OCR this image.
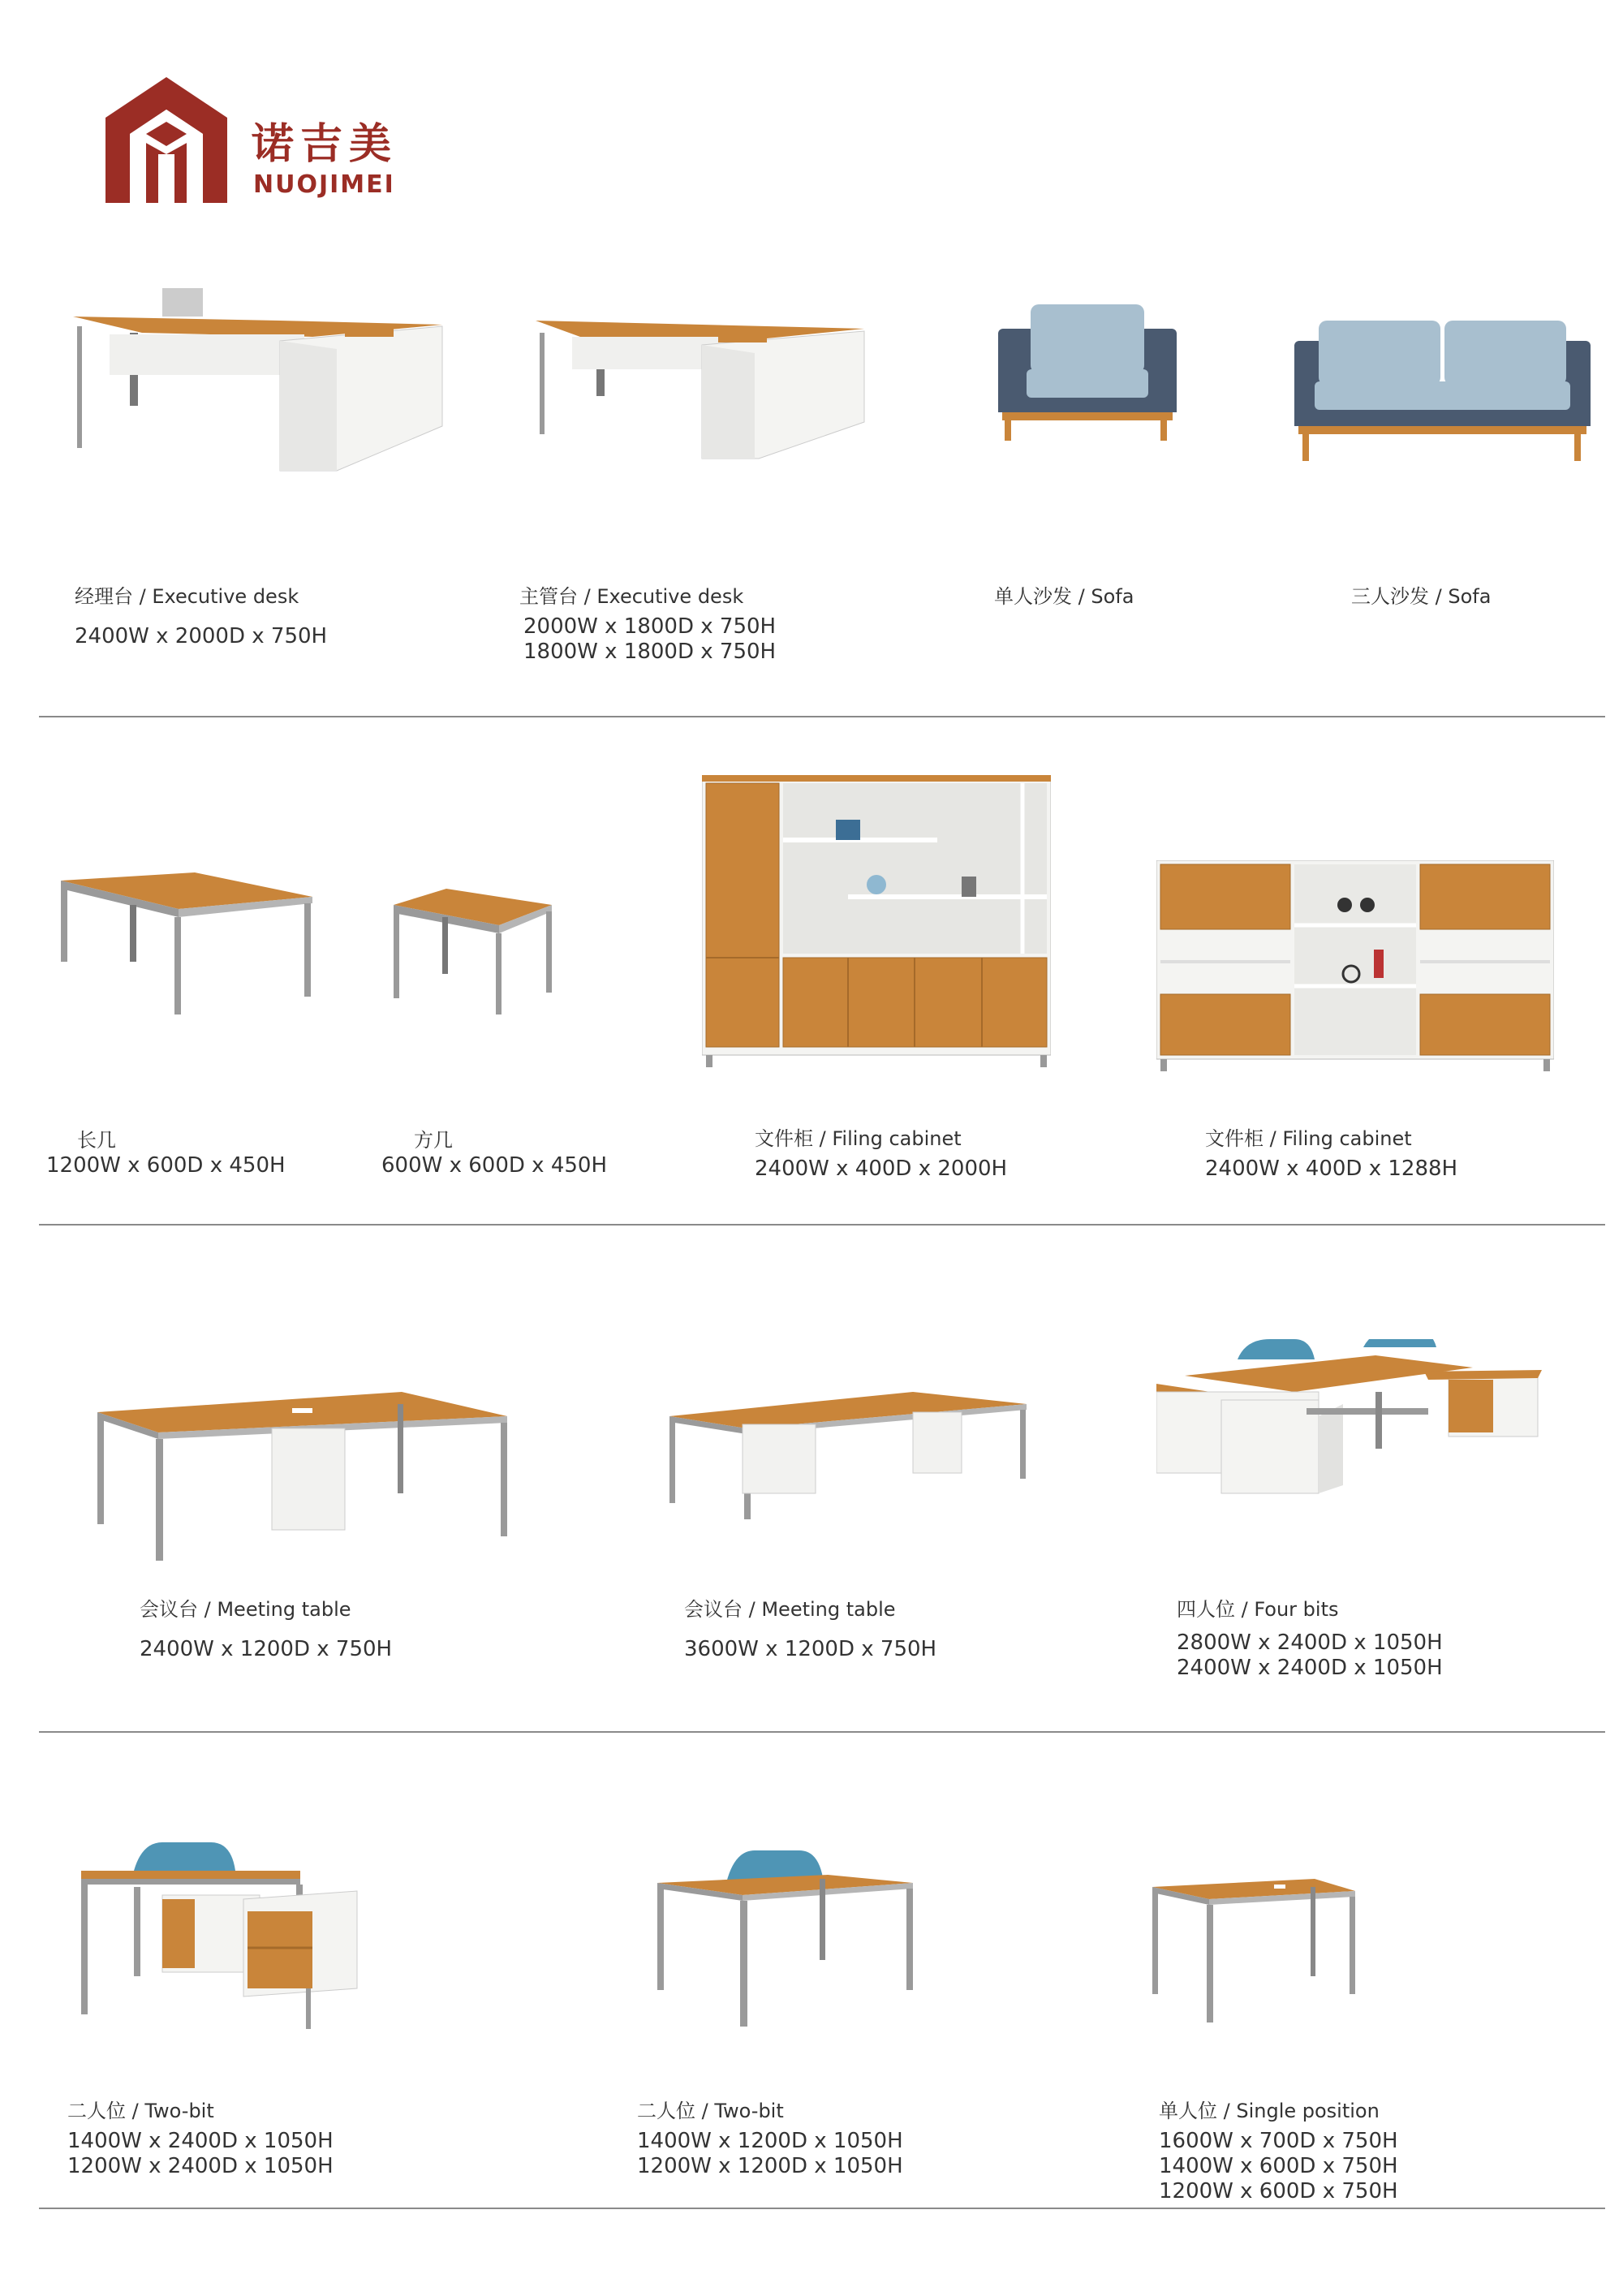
诺吉美
NUOJIMEI
经理台 / Executive desk
2400W x 2000D x 750H
主管台 / Executive desk
2000W x 1800D x 750H
1800W x 1800D x 750H
单人沙发 / Sofa	三人沙发 / Sofa
长几
1200W x 600D x 450H
方几
600W x 600D x 450H
文件柜 / Filing cabinet
2400W x 400D x 2000H
文件柜 / Filing cabinet
2400W x 400D x 1288H
会议台 / Meeting table
2400W x 1200D x 750H
会议台 / Meeting table
3600W x 1200D x 750H
四人位 / Four bits
2800W x 2400D x 1050H
2400W x 2400D x 1050H
二人位 / Two-bit
1400W x 2400D x 1050H
1200W x 2400D x 1050H
二人位 / Two-bit
1400W x 1200D x 1050H
1200W x 1200D x 1050H
单人位 / Single position
1600W x 700D x 750H
1400W x 600D x 750H
1200W x 600D x 750H
